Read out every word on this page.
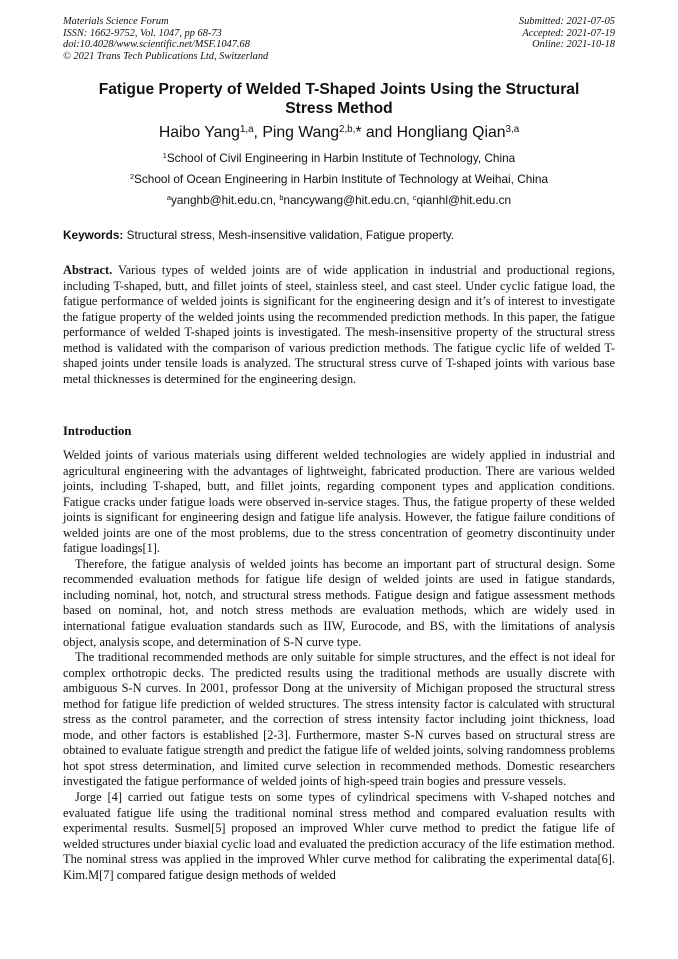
Materials Science Forum
ISSN: 1662-9752, Vol. 1047, pp 68-73
doi:10.4028/www.scientific.net/MSF.1047.68
© 2021 Trans Tech Publications Ltd, Switzerland
Submitted: 2021-07-05
Accepted: 2021-07-19
Online: 2021-10-18
Fatigue Property of Welded T-Shaped Joints Using the Structural
Stress Method
Haibo Yang$^{1,a}$, Ping Wang$^{2,b,}$* and Hongliang Qian$^{3,a}$
$^1$School of Civil Engineering in Harbin Institute of Technology, China
$^2$School of Ocean Engineering in Harbin Institute of Technology at Weihai, China
$^a$yanghb@hit.edu.cn, $^b$nancywang@hit.edu.cn, $^c$qianhl@hit.edu.cn
Keywords: Structural stress, Mesh-insensitive validation, Fatigue property.

Abstract. Various types of welded joints are of wide application in industrial and productional regions, including T-shaped, butt, and fillet joints of steel, stainless steel, and cast steel. Under cyclic fatigue load, the fatigue performance of welded joints is significant for the engineering design and it’s of interest to investigate the fatigue property of the welded joints using the recommended prediction methods. In this paper, the fatigue performance of welded T-shaped joints is investigated. The mesh-insensitive property of the structural stress method is validated with the comparison of various prediction methods. The fatigue cyclic life of welded T-shaped joints under tensile loads is analyzed. The structural stress curve of T-shaped joints with various base metal thicknesses is determined for the engineering design.

Introduction

Welded joints of various materials using different welded technologies are widely applied in industrial and agricultural engineering with the advantages of lightweight, fabricated production. There are various welded joints, including T-shaped, butt, and fillet joints, regarding component types and application conditions. Fatigue cracks under fatigue loads were observed in-service stages. Thus, the fatigue property of these welded joints is significant for engineering design and fatigue life analysis. However, the fatigue failure conditions of welded joints are one of the most problems, due to the stress concentration of geometry discontinuity under fatigue loadings[1].

Therefore, the fatigue analysis of welded joints has become an important part of structural design. Some recommended evaluation methods for fatigue life design of welded joints are used in fatigue standards, including nominal, hot, notch, and structural stress methods. Fatigue design and fatigue assessment methods based on nominal, hot, and notch stress methods are evaluation methods, which are widely used in international fatigue evaluation standards such as IIW, Eurocode, and BS, with the limitations of analysis object, analysis scope, and determination of S-N curve type.

The traditional recommended methods are only suitable for simple structures, and the effect is not ideal for complex orthotropic decks. The predicted results using the traditional methods are usually discrete with ambiguous S-N curves. In 2001, professor Dong at the university of Michigan proposed the structural stress method for fatigue life prediction of welded structures. The stress intensity factor is calculated with structural stress as the control parameter, and the correction of stress intensity factor including joint thickness, load mode, and other factors is established [2-3]. Furthermore, master S-N curves based on structural stress are obtained to evaluate fatigue strength and predict the fatigue life of welded joints, solving randomness problems hot spot stress determination, and limited curve selection in recommended methods. Domestic researchers investigated the fatigue performance of welded joints of high-speed train bogies and pressure vessels.

Jorge [4] carried out fatigue tests on some types of cylindrical specimens with V-shaped notches and evaluated fatigue life using the traditional nominal stress method and compared evaluation results with experimental results. Susmel[5] proposed an improved Whler curve method to predict the fatigue life of welded structures under biaxial cyclic load and evaluated the prediction accuracy of the life estimation method. The nominal stress was applied in the improved Whler curve method for calibrating the experimental data[6]. Kim.M[7] compared fatigue design methods of welded
